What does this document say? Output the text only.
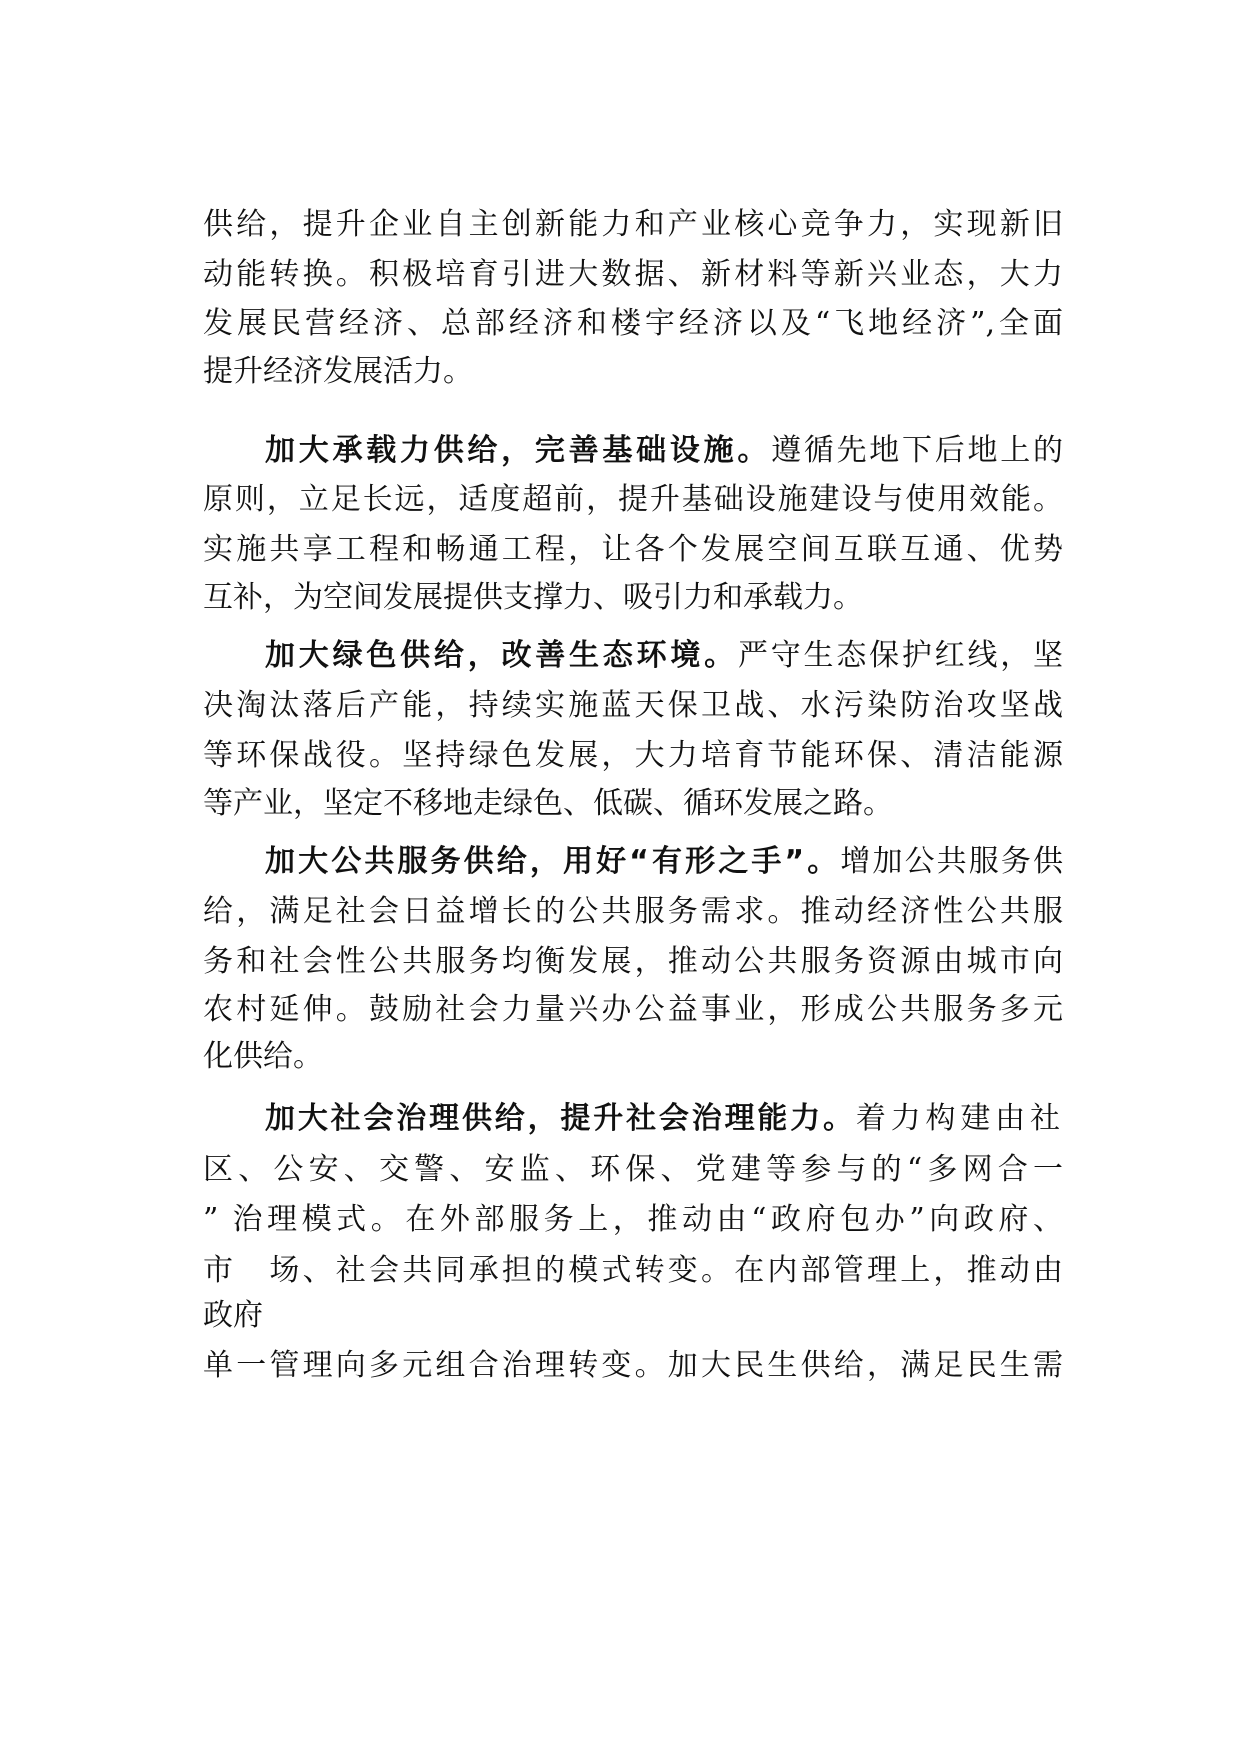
供给，提升企业自主创新能力和产业核心竞争力，实现新旧
动能转换。积极培育引进大数据、新材料等新兴业态，大力
发展民营经济、总部经济和楼宇经济以及“飞地经济”,全面
提升经济发展活力。
加大承载力供给，完善基础设施。遵循先地下后地上的
原则，立足长远，适度超前，提升基础设施建设与使用效能。
实施共享工程和畅通工程，让各个发展空间互联互通、优势
互补，为空间发展提供支撑力、吸引力和承载力。
加大绿色供给，改善生态环境。严守生态保护红线，坚
决淘汰落后产能，持续实施蓝天保卫战、水污染防治攻坚战
等环保战役。坚持绿色发展，大力培育节能环保、清洁能源
等产业，坚定不移地走绿色、低碳、循环发展之路。
加大公共服务供给，用好“有形之手”。增加公共服务供
给，满足社会日益增长的公共服务需求。推动经济性公共服
务和社会性公共服务均衡发展，推动公共服务资源由城市向
农村延伸。鼓励社会力量兴办公益事业，形成公共服务多元
化供给。
加大社会治理供给，提升社会治理能力。着力构建由社
区、公安、交警、安监、环保、党建等参与的“多网合一
” 治理模式。在外部服务上，推动由“政府包办”向政府、
市　场、社会共同承担的模式转变。在内部管理上，推动由
政府
单一管理向多元组合治理转变。加大民生供给，满足民生需
